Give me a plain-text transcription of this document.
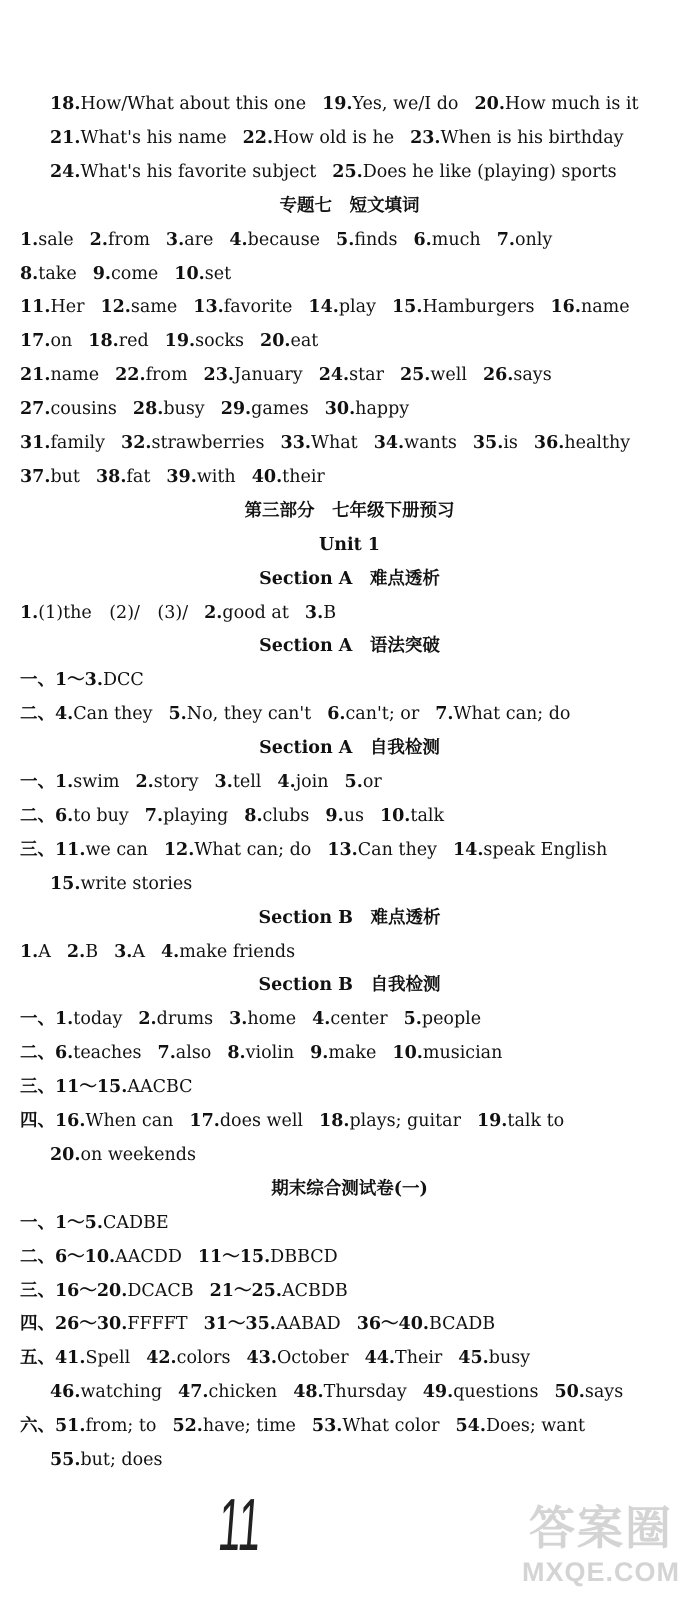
18.How/What about this one 19.Yes, we/I do 20.How much is it
21.What's his name 22.How old is he 23.When is his birthday
24.What's his favorite subject 25.Does he like (playing) sports
专题七　短文填词
1.sale 2.from 3.are 4.because 5.finds 6.much 7.only
8.take 9.come 10.set
11.Her 12.same 13.favorite 14.play 15.Hamburgers 16.name
17.on 18.red 19.socks 20.eat
21.name 22.from 23.January 24.star 25.well 26.says
27.cousins 28.busy 29.games 30.happy
31.family 32.strawberries 33.What 34.wants 35.is 36.healthy
37.but 38.fat 39.with 40.their
第三部分　七年级下册预习
Unit 1
Section A　难点透析
1.(1)the　(2)/　(3)/ 2.good at 3.B
Section A　语法突破
一、1～3.DCC
二、4.Can they 5.No, they can't 6.can't; or 7.What can; do
Section A　自我检测
一、1.swim 2.story 3.tell 4.join 5.or
二、6.to buy 7.playing 8.clubs 9.us 10.talk
三、11.we can 12.What can; do 13.Can they 14.speak English
15.write stories
Section B　难点透析
1.A 2.B 3.A 4.make friends
Section B　自我检测
一、1.today 2.drums 3.home 4.center 5.people
二、6.teaches 7.also 8.violin 9.make 10.musician
三、11～15.AACBC
四、16.When can 17.does well 18.plays; guitar 19.talk to
20.on weekends
期末综合测试卷(一)
一、1～5.CADBE
二、6～10.AACDD 11～15.DBBCD
三、16～20.DCACB 21～25.ACBDB
四、26～30.FFFFT 31～35.AABAD 36～40.BCADB
五、41.Spell 42.colors 43.October 44.Their 45.busy
46.watching 47.chicken 48.Thursday 49.questions 50.says
六、51.from; to 52.have; time 53.What color 54.Does; want
55.but; does
11	答案圈
MXQE.COM
